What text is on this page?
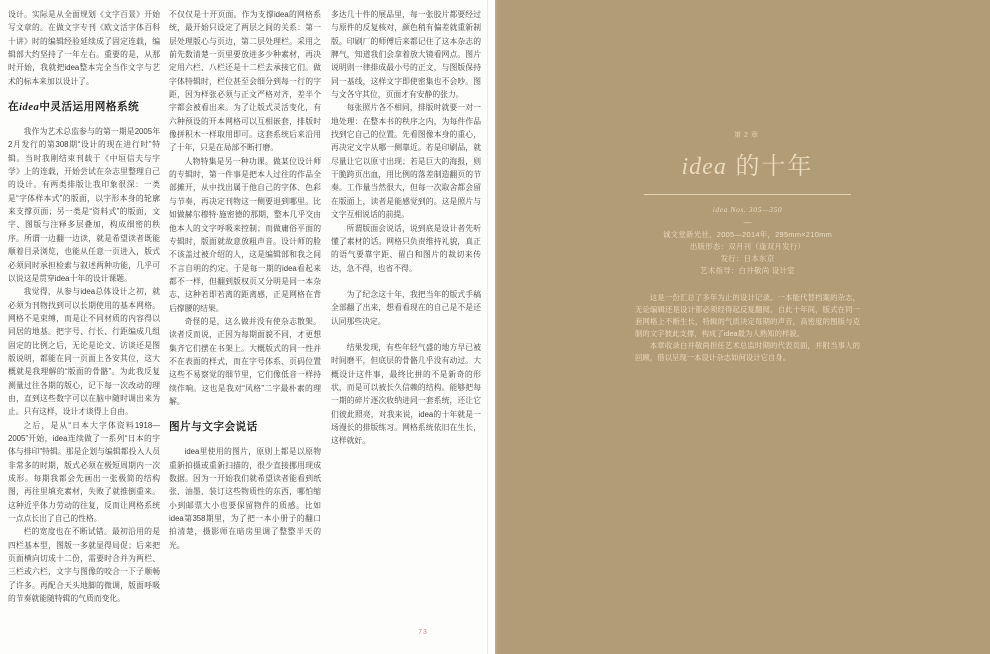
设计。实际是从全面规划《文字百景》开始写文章的。在做文字专刊《欧文活字体百科十讲》时的编辑经验延续成了固定连载，编辑部大约坚持了一年左右。重要的是，从那时开始，我就把idea整本完全当作文字与艺术的标本来加以设计了。

在idea中灵活运用网格系统

我作为艺术总监参与的第一期是2005年2月发行的第308期“设计的现在进行时”特辑。当时我刚结束刊载于《中垣信夫与字学》上的连载，开始尝试在杂志里整理自己的设计。有两类排版让我印象很深：一类是“字体样本式”的版面，以字形本身的轮廓来支撑页面；另一类是“资料式”的版面，文字、图版与注释多层叠加，构成细密的秩序。所谓一边翻一边读，就是希望读者既能顺着目录浏览，也能从任意一页进入，版式必须同时承担检索与叙述两种功能，几乎可以说这是贯穿idea十年的设计课题。

我觉得，从参与idea总体设计之初，就必须为刊物找到可以长期使用的基本网格。网格不是束缚，而是让不同材质的内容得以同居的地基。把字号、行长、行距编成几组固定的比例之后，无论是论文、访谈还是图版说明，都能在同一页面上各安其位，这大概就是我理解的“版面的骨骼”。为此我反复测量过往各期的版心，记下每一次改动的理由，直到这些数字可以在脑中随时调出来为止。只有这样，设计才谈得上自由。

之后，是从“日本大字体资料1918—2005”开始，idea连续做了一系列“日本的字体与排印”特辑。那是企划与编辑都投入人员非常多的时期，版式必须在极短周期内一次成形。每期我都会先画出一张极简的结构图，再往里填充素材，失败了就推倒重来。这种近乎体力劳动的往复，反而让网格系统一点点长出了自己的性格。

栏的宽度也在不断试错。最初沿用的是四栏基本型，图版一多就显得局促；后来把页面横向切成十二份，需要时合并为两栏、三栏或六栏，文字与图像的咬合一下子顺畅了许多。再配合天头地脚的微调，版面呼吸的节奏就能随特辑的气质而变化。

不仅仅是十开页面。作为支撑idea的网格系统，最开始只设定了两层之间的关系：第一层处理版心与页边，第二层处理栏。采用之前先数清楚一页里要放进多少种素材，再决定用六栏、八栏还是十二栏去承接它们。做字体特辑时，栏位甚至会细分到每一行的字距，因为样张必须与正文严格对齐，差半个字都会被看出来。为了让版式灵活变化，有六种预设的开本网格可以互相嵌套，排版时像拼积木一样取用即可。这套系统后来沿用了十年，只是在局部不断打磨。

人物特集是另一种功课。做某位设计师的专辑时，第一件事是把本人过往的作品全部摊开，从中找出属于他自己的字体、色彩与节奏，再决定刊物这一侧要退到哪里。比如做赫尔穆特·施密德的那期，整本几乎交由他本人的文字呼吸来控制；而做庸俗平面的专辑时，版面就故意放粗声音。设计师的脸不该盖过被介绍的人，这是编辑部和我之间不言自明的约定。于是每一期的idea看起来都不一样，但翻到版权页又分明是同一本杂志，这种若即若离的距离感，正是网格在背后撑腰的结果。

奇怪的是，这么做并没有使杂志散架。读者反而说，正因为每期面貌不同，才更想集齐它们摆在书架上。大概版式的同一性并不在表面的样式，而在字号体系、页码位置这些不易察觉的细节里，它们像低音一样持续作响。这也是我对“风格”二字最朴素的理解。

图片与文字会说话

idea里使用的图片，原则上都是以原物重新拍摄或重新扫描的，很少直接挪用现成数据。因为一开始我们就希望读者能看到纸张、油墨、装订这些物质性的东西，哪怕缩小到邮票大小也要保留物件的质感。比如idea第358期里，为了把一本小册子的翻口拍清楚，摄影师在暗房里调了整整半天的光。

多达几十件的展品里，每一张胶片都要经过与原件的反复核对，颜色稍有偏差就重新制版。印刷厂的师傅后来都记住了这本杂志的脾气，知道我们会拿着放大镜看网点。图片说明则一律排成最小号的正文，与图版保持同一基线，这样文字即使密集也不会吵。图与文各守其位，页面才有安静的张力。

每张照片各不相同，排版时就要一对一地处理：在整本书的秩序之内，为每件作品找到它自己的位置。先看图像本身的重心，再决定文字从哪一侧靠近。若是印刷品，就尽量让它以原寸出现；若是巨大的海报，则干脆跨页出血，用比例的落差制造翻页的节奏。工作量当然很大，但每一次取舍都会留在版面上，读者是能感觉到的。这是照片与文字互相说话的前提。

所谓版面会说话，说到底是设计者先听懂了素材的话。网格只负责维持礼貌，真正的语气要靠字距、留白和图片的裁切来传达，急不得，也省不得。

为了纪念这十年，我把当年的版式手稿全部翻了出来，想看看现在的自己是不是还认同那些决定。

结果发现，有些年轻气盛的地方早已被时间磨平，但底层的骨骼几乎没有动过。大概设计这件事，最终比拼的不是新奇的形状，而是可以被长久信赖的结构。能够把每一期的碎片逐次收纳进同一套系统，还让它们彼此照亮，对我来说，idea的十年就是一场漫长的排版练习。网格系统依旧在生长，这样就好。

73

第2章

idea 的十年

idea Nos. 305—350

—

诚文堂新光社，2005—2014年，295mm×210mm

出版形态：双月刊（逢双月发行）

发行：日本东京

艺术指导：白井敬尚 设计室

这是一份汇总了多年为止的设计记录。一本能代替档案的杂志，无论编辑还是设计都必须经得起反复翻阅。自此十年间，版式在同一套网格上不断生长，特辑的气质决定每期的声音，高密度的图版与克制的文字彼此支撑，构成了idea最为人熟知的样貌。

本章收录白井敬尚担任艺术总监时期的代表页面，并附当事人的回顾，借以呈现一本设计杂志如何设计它自身。
